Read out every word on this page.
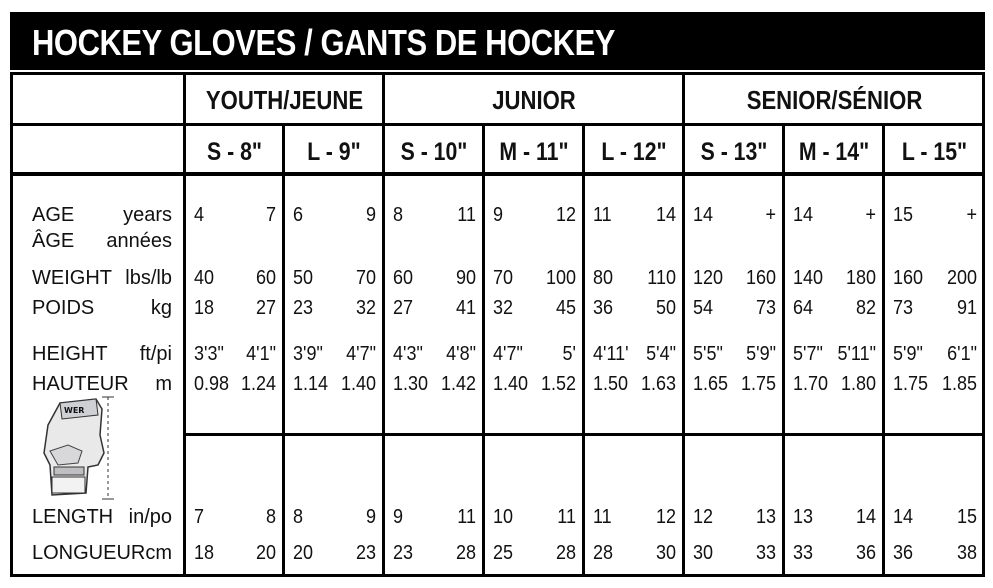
HOCKEY GLOVES / GANTS DE HOCKEY
WER
YOUTH/JEUNE	JUNIOR	SENIOR/SÉNIOR
S - 8"	L - 9"	S - 10"	M - 11"	L - 12"	S - 13"	M - 14"	L - 15"
AGE	years 4	7 6	9 8	11 9	12 11	14 14	+ 14	+ 15	+
ÂGE	années
WEIGHT lbs/lb 40	60 50	70 60	90 70	100 80	110 120	160 140	180 160	200
POIDS	kg 18	27 23	32 27	41 32	45 36	50 54	73 64	82 73	91
HEIGHT	ft/pi 3'3"	4'1" 3'9"	4'7" 4'3"	4'8" 4'7"	5' 4'11' 5'4" 5'5"	5'9" 5'7" 5'11" 5'9"	6'1"
HAUTEUR	m 0.98 1.24 1.14 1.40 1.30 1.42 1.40 1.52 1.50 1.63 1.65 1.75 1.70 1.80 1.75 1.85
LENGTH in/po 7	8 8	9 9	11 10	11 11	12 12	13 13	14 14	15
LONGUEUR cm 18	20 20	23 23	28 25	28 28	30 30	33 33	36 36	38
